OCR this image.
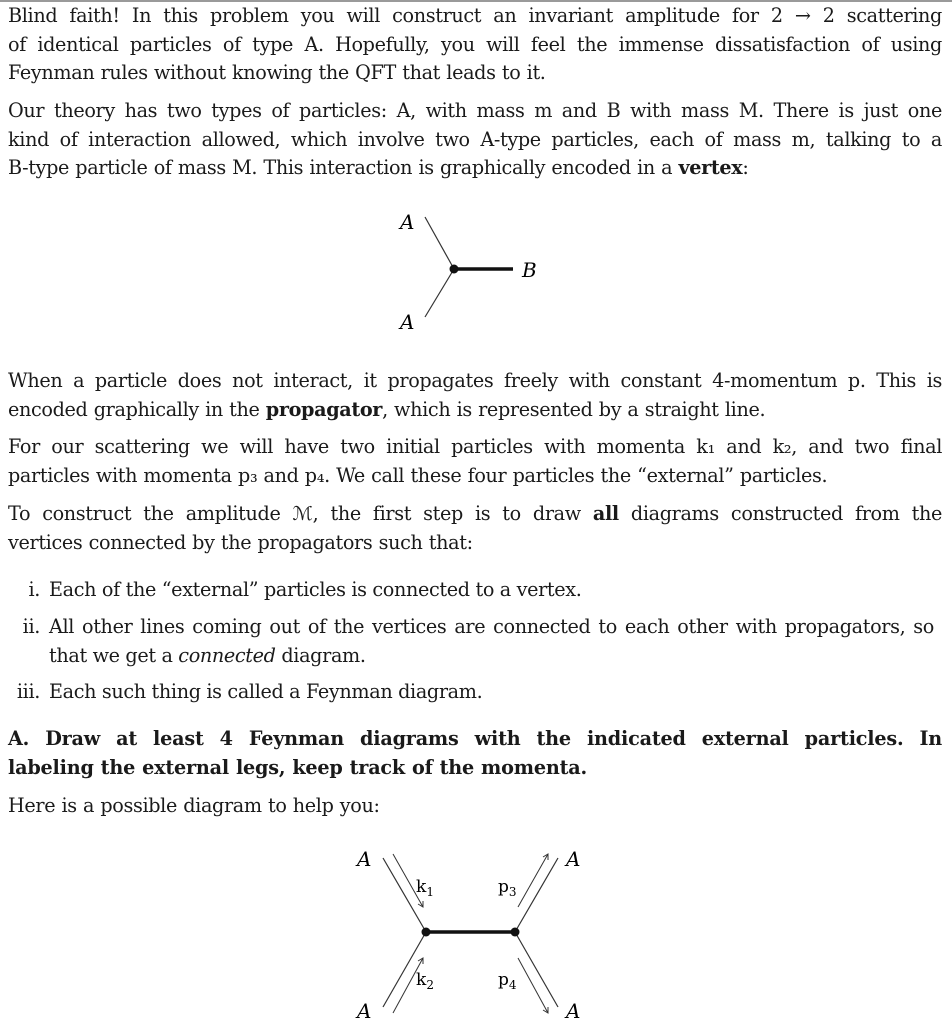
Blind faith! In this problem you will construct an invariant amplitude for 2 → 2 scattering
of identical particles of type A. Hopefully, you will feel the immense dissatisfaction of using
Feynman rules without knowing the QFT that leads to it.
Our theory has two types of particles: A, with mass m and B with mass M. There is just one
kind of interaction allowed, which involve two A-type particles, each of mass m, talking to a
B-type particle of mass M. This interaction is graphically encoded in a vertex:
A
A
B
When a particle does not interact, it propagates freely with constant 4-momentum p. This is
encoded graphically in the propagator, which is represented by a straight line.
For our scattering we will have two initial particles with momenta k₁ and k₂, and two final
particles with momenta p₃ and p₄. We call these four particles the “external” particles.
To construct the amplitude ℳ, the first step is to draw all diagrams constructed from the
vertices connected by the propagators such that:
i. Each of the “external” particles is connected to a vertex.
ii. All other lines coming out of the vertices are connected to each other with propagators, so
that we get a connected diagram.
iii. Each such thing is called a Feynman diagram.
A. Draw at least 4 Feynman diagrams with the indicated external particles. In
labeling the external legs, keep track of the momenta.
Here is a possible diagram to help you:
A
A
A
A
$k_1$
$k_2$
$p_3$
$p_4$
